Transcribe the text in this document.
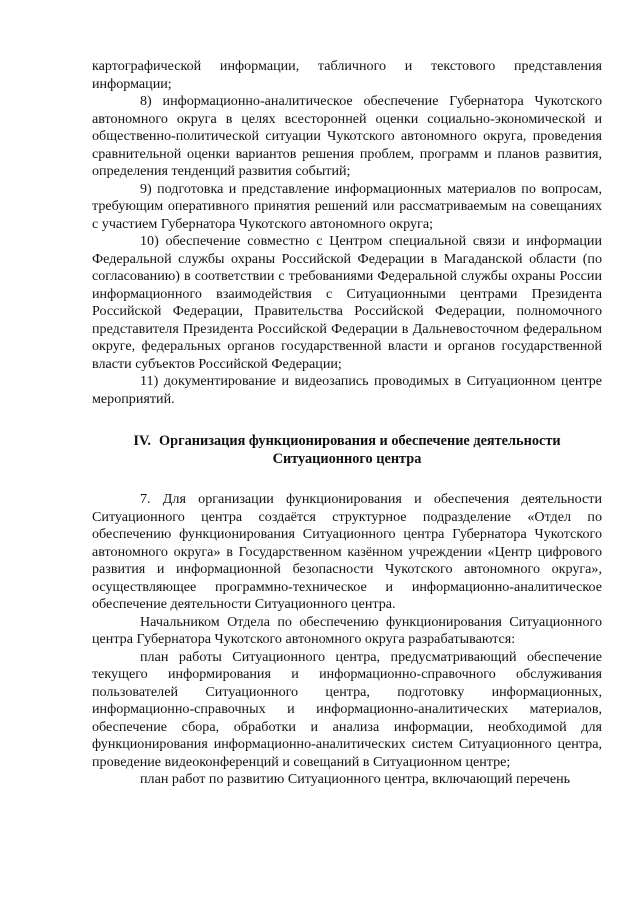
картографической информации, табличного и текстового представления информации;

8) информационно-аналитическое обеспечение Губернатора Чукотского автономного округа в целях всесторонней оценки социально-экономической и общественно-политической ситуации Чукотского автономного округа, проведения сравнительной оценки вариантов решения проблем, программ и планов развития, определения тенденций развития событий;

9) подготовка и представление информационных материалов по вопросам, требующим оперативного принятия решений или рассматриваемым на совещаниях с участием Губернатора Чукотского автономного округа;

10) обеспечение совместно с Центром специальной связи и информации Федеральной службы охраны Российской Федерации в Магаданской области (по согласованию) в соответствии с требованиями Федеральной службы охраны России информационного взаимодействия с Ситуационными центрами Президента Российской Федерации, Правительства Российской Федерации, полномочного представителя Президента Российской Федерации в Дальневосточном федеральном округе, федеральных органов государственной власти и органов государственной власти субъектов Российской Федерации;

11) документирование и видеозапись проводимых в Ситуационном центре мероприятий.

IV. Организация функционирования и обеспечение деятельности
Ситуационного центра

7. Для организации функционирования и обеспечения деятельности Ситуационного центра создаётся структурное подразделение «Отдел по обеспечению функционирования Ситуационного центра Губернатора Чукотского автономного округа» в Государственном казённом учреждении «Центр цифрового развития и информационной безопасности Чукотского автономного округа», осуществляющее программно-техническое и информационно-аналитическое обеспечение деятельности Ситуационного центра.

Начальником Отдела по обеспечению функционирования Ситуационного центра Губернатора Чукотского автономного округа разрабатываются:

план работы Ситуационного центра, предусматривающий обеспечение текущего информирования и информационно-справочного обслуживания пользователей Ситуационного центра, подготовку информационных, информационно-справочных и информационно-аналитических материалов, обеспечение сбора, обработки и анализа информации, необходимой для функционирования информационно-аналитических систем Ситуационного центра, проведение видеоконференций и совещаний в Ситуационном центре;

план работ по развитию Ситуационного центра, включающий перечень
